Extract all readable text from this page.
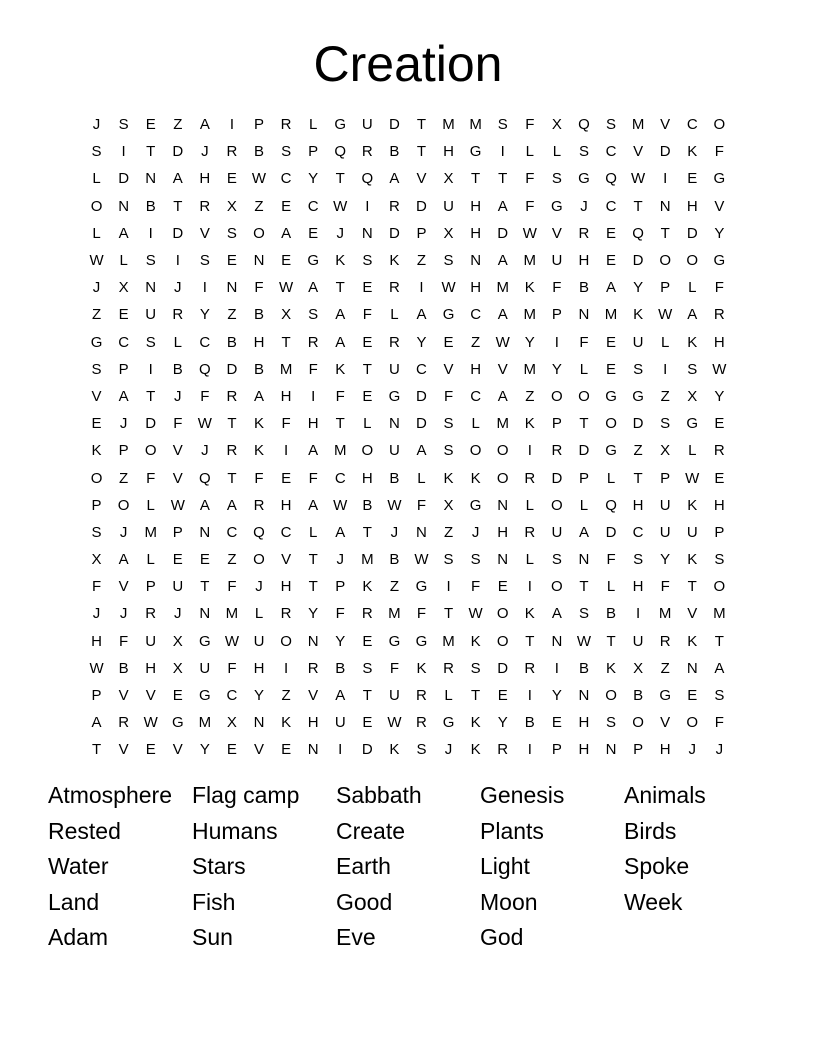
Creation
J	S	E	Z	A	I	P	R	L	G	U	D	T	M M	S	F	X	Q	S	M	V	C	O
S	I	T	D	J	R	B	S	P	Q	R	B	T	H	G	I	L	L	S	C	V	D	K	F
L	D	N	A	H	E W C	Y	T	Q	A	V	X	T	T	F	S	G	Q W	I	E	G
O	N	B	T	R	X	Z	E	C W	I	R	D	U	H	A	F	G	J	C	T	N	H	V
L	A	I	D	V	S	O	A	E	J	N	D	P	X	H	D W V	R	E	Q	T	D	Y
W	L	S	I	S	E	N	E	G	K	S	K	Z	S	N	A	M	U	H	E	D	O	O	G
J	X	N	J	I	N	F	W A	T	E	R	I	W H	M	K	F	B	A	Y	P	L	F
Z	E	U	R	Y	Z	B	X	S	A	F	L	A	G	C	A	M	P	N	M	K W A	R
G	C	S	L	C	B	H	T	R	A	E	R	Y	E	Z	W Y	I	F	E	U	L	K	H
S	P	I	B	Q	D	B	M	F	K	T	U	C	V	H	V	M	Y	L	E	S	I	S W
V	A	T	J	F	R	A	H	I	F	E	G	D	F	C	A	Z	O	O	G	G	Z	X	Y
E	J	D	F	W	T	K	F	H	T	L	N	D	S	L	M	K	P	T	O	D	S	G	E
K	P	O	V	J	R	K	I	A	M	O	U	A	S	O	O	I	R	D	G	Z	X	L	R
O	Z	F	V	Q	T	F	E	F	C	H	B	L	K	K	O	R	D	P	L	T	P W E
P	O	L	W A	A	R	H	A W B W	F	X	G	N	L	O	L	Q	H	U	K	H
S	J	M	P	N	C	Q	C	L	A	T	J	N	Z	J	H	R	U	A	D	C	U	U	P
X	A	L	E	E	Z	O	V	T	J	M	B W S	S	N	L	S	N	F	S	Y	K	S
F	V	P	U	T	F	J	H	T	P	K	Z	G	I	F	E	I	O	T	L	H	F	T	O
J	J	R	J	N	M	L	R	Y	F	R	M	F	T	W O	K	A	S	B	I	M	V	M
H	F	U	X	G W U	O	N	Y	E	G	G M	K	O	T	N W	T	U	R	K	T
W B	H	X	U	F	H	I	R	B	S	F	K	R	S	D	R	I	B	K	X	Z	N	A
P	V	V	E	G	C	Y	Z	V	A	T	U	R	L	T	E	I	Y	N	O	B	G	E	S
A	R W G M	X	N	K	H	U	E W R	G	K	Y	B	E	H	S	O	V	O	F
T	V	E	V	Y	E	V	E	N	I	D	K	S	J	K	R	I	P	H	N	P	H	J	J
Atmosphere Flag camp	Sabbath	Genesis	Animals
Rested	Humans	Create	Plants	Birds
Water	Stars	Earth	Light	Spoke
Land	Fish	Good	Moon	Week
Adam	Sun	Eve	God
